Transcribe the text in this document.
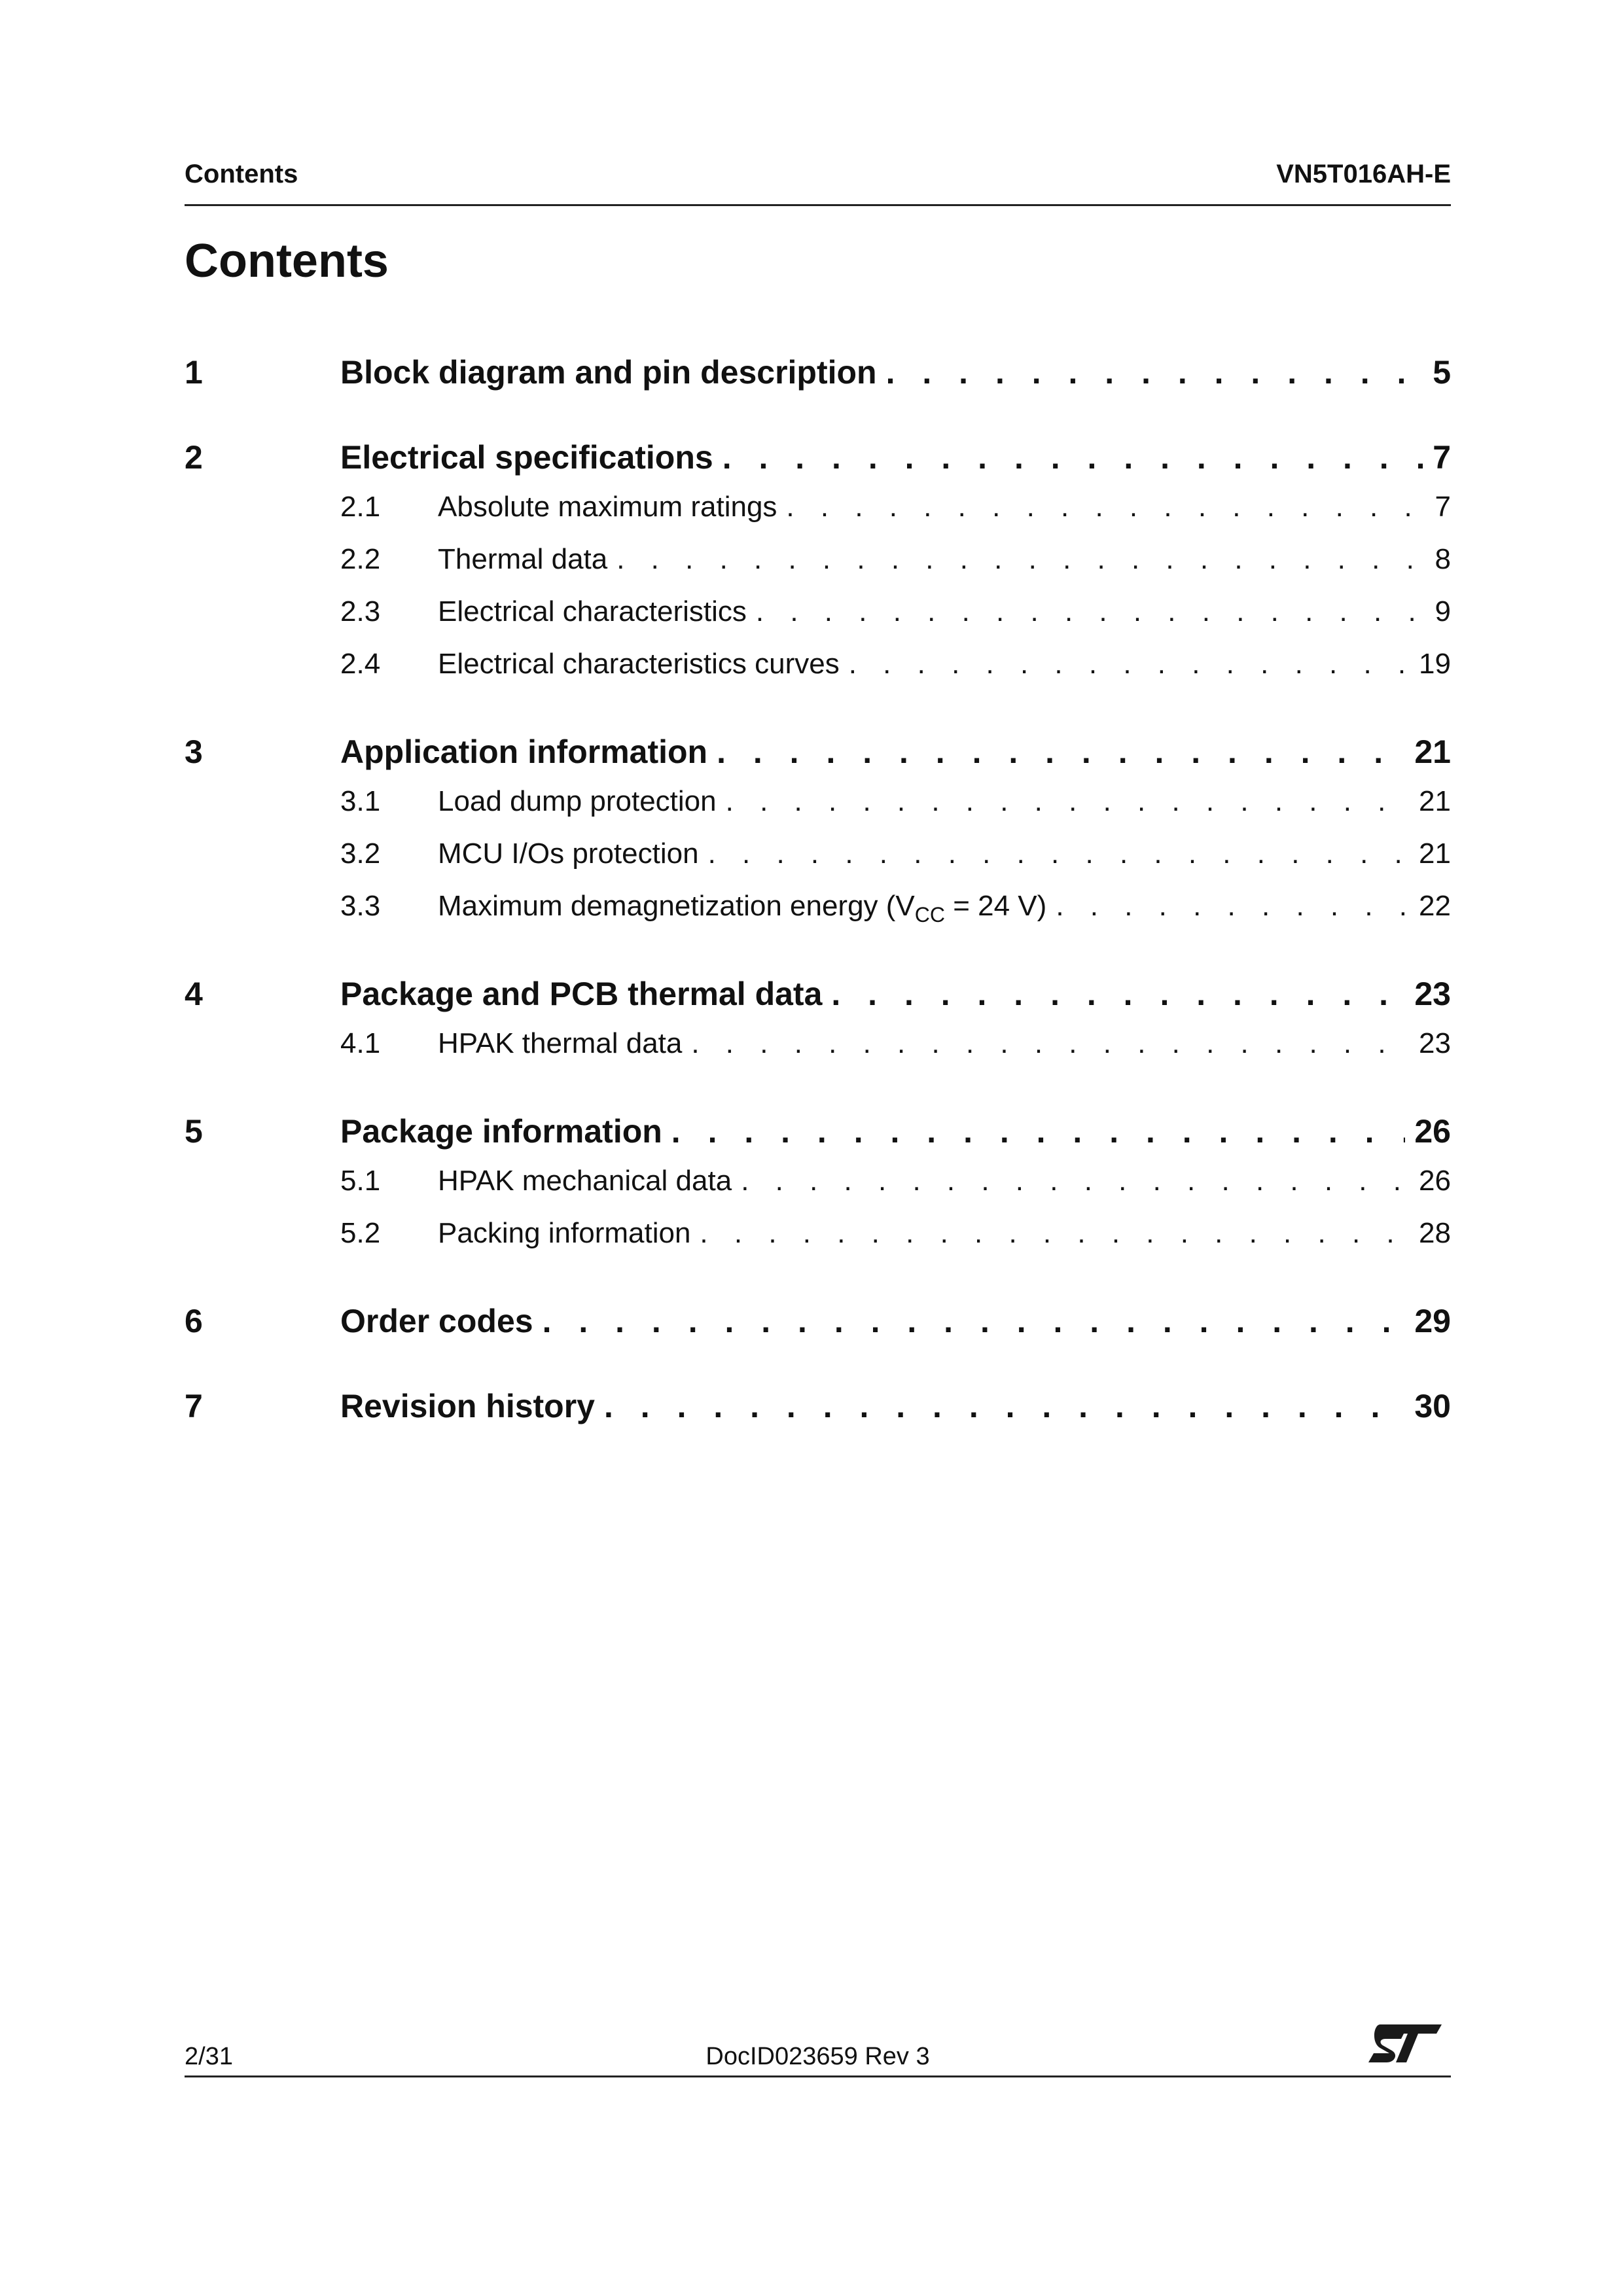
Contents	VN5T016AH-E
Contents
1	Block diagram and pin description . . .	5
2	Electrical specifications . . .	7
2.1 Absolute maximum ratings . . .	7
2.2 Thermal data . . .	8
2.3 Electrical characteristics . . .	9
2.4 Electrical characteristics curves . . .	19
3	Application information . . .	21
3.1 Load dump protection . . .	21
3.2 MCU I/Os protection . . .	21
3.3 Maximum demagnetization energy ($V_{CC} = 24$ V) . . .	22
4	Package and PCB thermal data . . .	23
4.1 HPAK thermal data . . .	23
5	Package information . . .	26
5.1 HPAK mechanical data . . .	26
5.2 Packing information . . .	28
6	Order codes . . .	29
7	Revision history . . .	30
2/31	DocID023659 Rev 3
